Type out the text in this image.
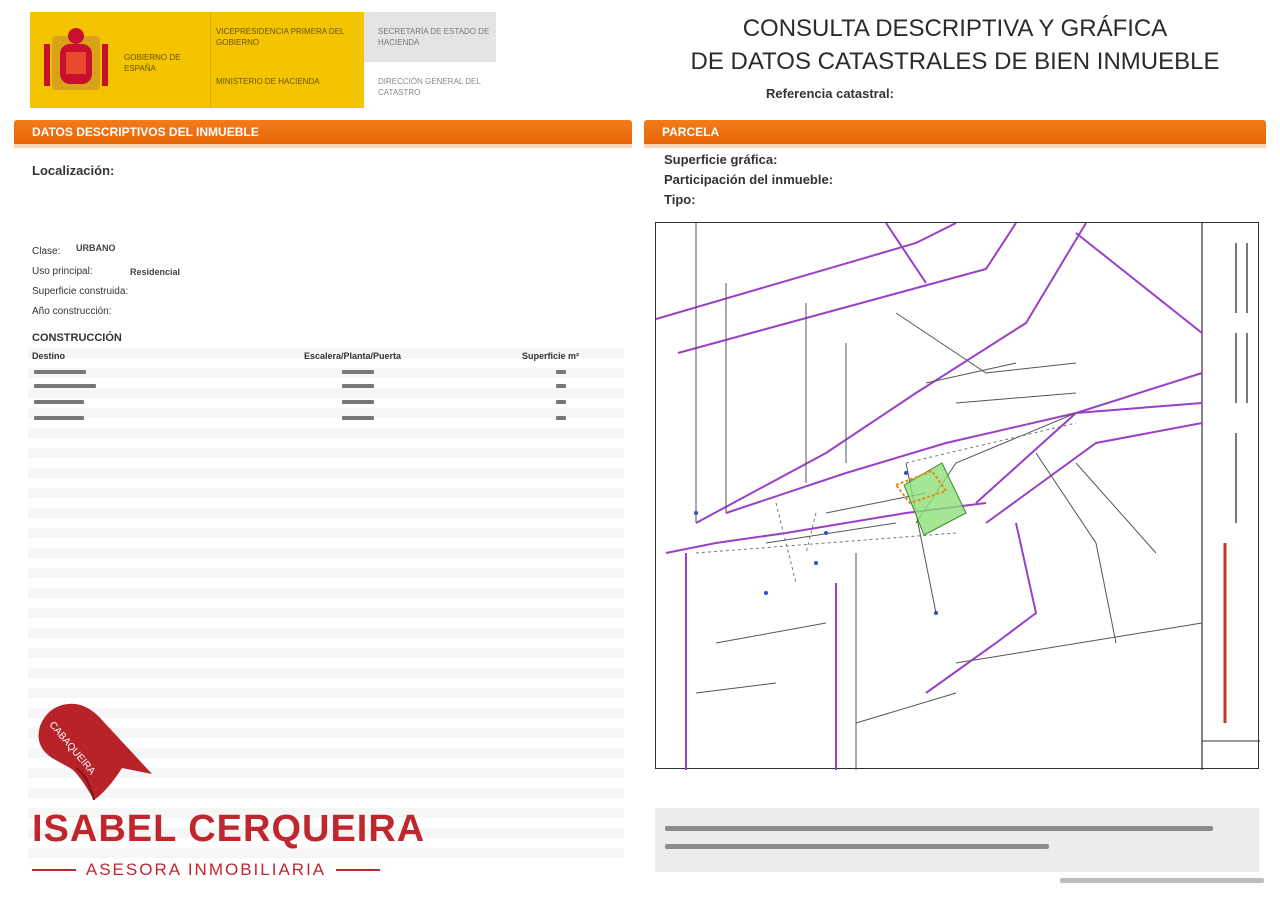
GOBIERNO DE ESPAÑA
VICEPRESIDENCIA PRIMERA DEL GOBIERNO
MINISTERIO DE HACIENDA
SECRETARÍA DE ESTADO DE HACIENDA
DIRECCIÓN GENERAL DEL CATASTRO
CONSULTA DESCRIPTIVA Y GRÁFICA
DE DATOS CATASTRALES DE BIEN INMUEBLE
Referencia catastral:
DATOS DESCRIPTIVOS DEL INMUEBLE	PARCELA
Localización:
Clase: URBANO
Uso principal:	Residencial
Superficie construida:
Año construcción:
CONSTRUCCIÓN
Destino	Escalera/Planta/Puerta	Superficie m²
Superficie gráfica:
Participación del inmueble:
Tipo:
CABAQUEIRA
ISABEL CERQUEIRA
ASESORA INMOBILIARIA
